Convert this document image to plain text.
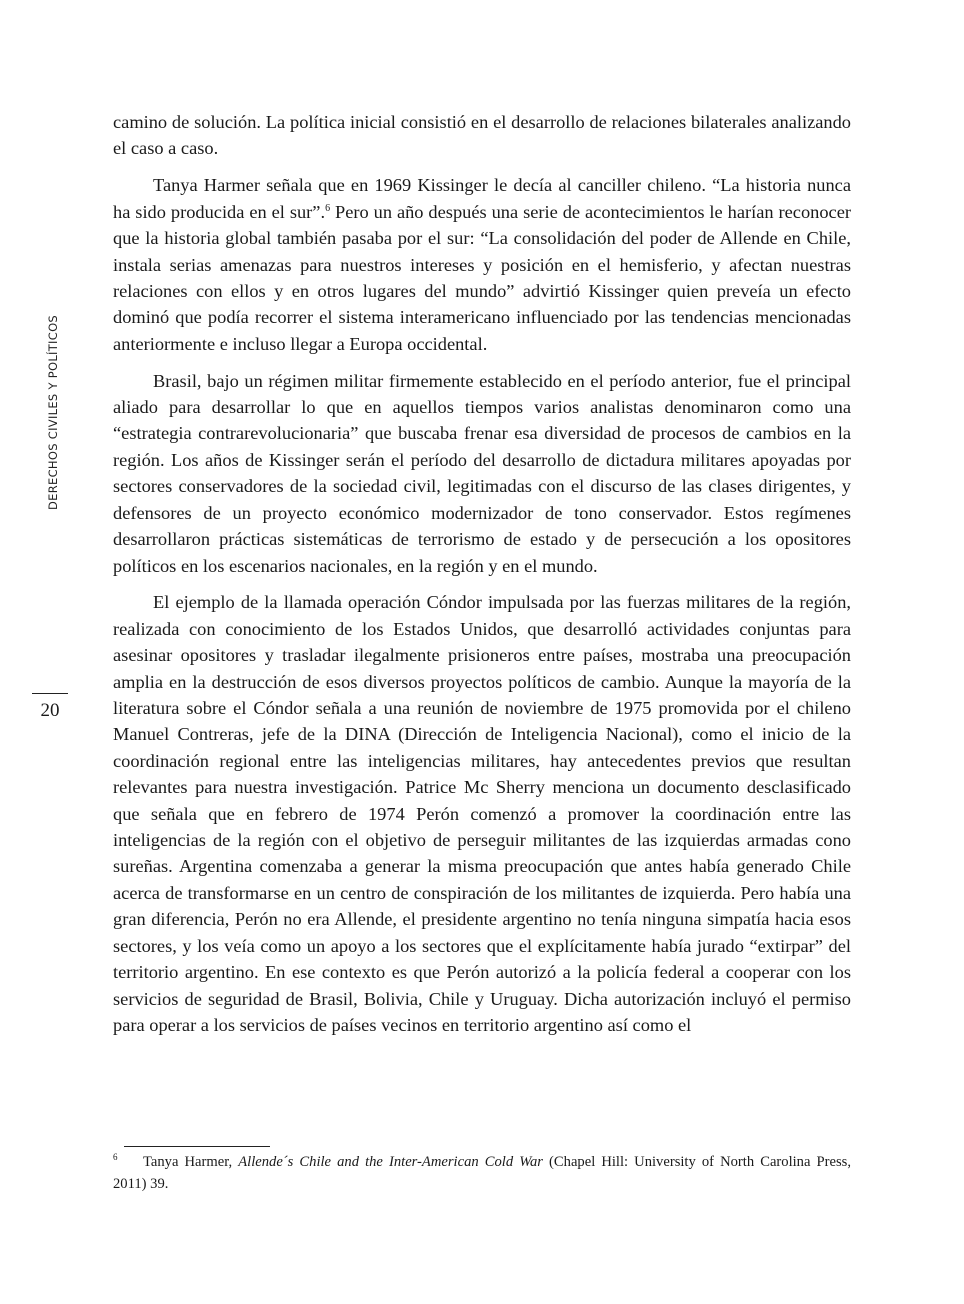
DERECHOS CIVILES Y POLÍTICOS
20

camino de solución. La política inicial consistió en el desarrollo de relaciones bilaterales analizando el caso a caso.

Tanya Harmer señala que en 1969 Kissinger le decía al canciller chileno. “La historia nunca ha sido producida en el sur”.$^6$ Pero un año después una serie de acontecimientos le harían reconocer que la historia global también pasaba por el sur: “La consolidación del poder de Allende en Chile, instala serias amenazas para nuestros intereses y posición en el hemisferio, y afectan nuestras relaciones con ellos y en otros lugares del mundo” advirtió Kissinger quien preveía un efecto dominó que podía recorrer el sistema interamericano influenciado por las tendencias mencionadas anteriormente e incluso llegar a Europa occidental.

Brasil, bajo un régimen militar firmemente establecido en el período anterior, fue el principal aliado para desarrollar lo que en aquellos tiempos varios analistas denominaron como una “estrategia contrarevolucionaria” que buscaba frenar esa diversidad de procesos de cambios en la región. Los años de Kissinger serán el período del desarrollo de dictadura militares apoyadas por sectores conservadores de la sociedad civil, legitimadas con el discurso de las clases dirigentes, y defensores de un proyecto económico modernizador de tono conservador. Estos regímenes desarrollaron prácticas sistemáticas de terrorismo de estado y de persecución a los opositores políticos en los escenarios nacionales, en la región y en el mundo.

El ejemplo de la llamada operación Cóndor impulsada por las fuerzas militares de la región, realizada con conocimiento de los Estados Unidos, que desarrolló actividades conjuntas para asesinar opositores y trasladar ilegalmente prisioneros entre países, mostraba una preocupación amplia en la destrucción de esos diversos proyectos políticos de cambio. Aunque la mayoría de la literatura sobre el Cóndor señala a una reunión de noviembre de 1975 promovida por el chileno Manuel Contreras, jefe de la DINA (Dirección de Inteligencia Nacional), como el inicio de la coordinación regional entre las inteligencias militares, hay antecedentes previos que resultan relevantes para nuestra investigación. Patrice Mc Sherry menciona un documento desclasificado que señala que en febrero de 1974 Perón comenzó a promover la coordinación entre las inteligencias de la región con el objetivo de perseguir militantes de las izquierdas armadas cono sureñas. Argentina comenzaba a generar la misma preocupación que antes había generado Chile acerca de transformarse en un centro de conspiración de los militantes de izquierda. Pero había una gran diferencia, Perón no era Allende, el presidente argentino no tenía ninguna simpatía hacia esos sectores, y los veía como un apoyo a los sectores que el explícitamente había jurado “extirpar” del territorio argentino. En ese contexto es que Perón autorizó a la policía federal a cooperar con los servicios de seguridad de Brasil, Bolivia, Chile y Uruguay. Dicha autorización incluyó el permiso para operar a los servicios de países vecinos en territorio argentino así como el

6 Tanya Harmer, Allende´s Chile and the Inter-American Cold War (Chapel Hill: University of North Carolina Press, 2011) 39.
